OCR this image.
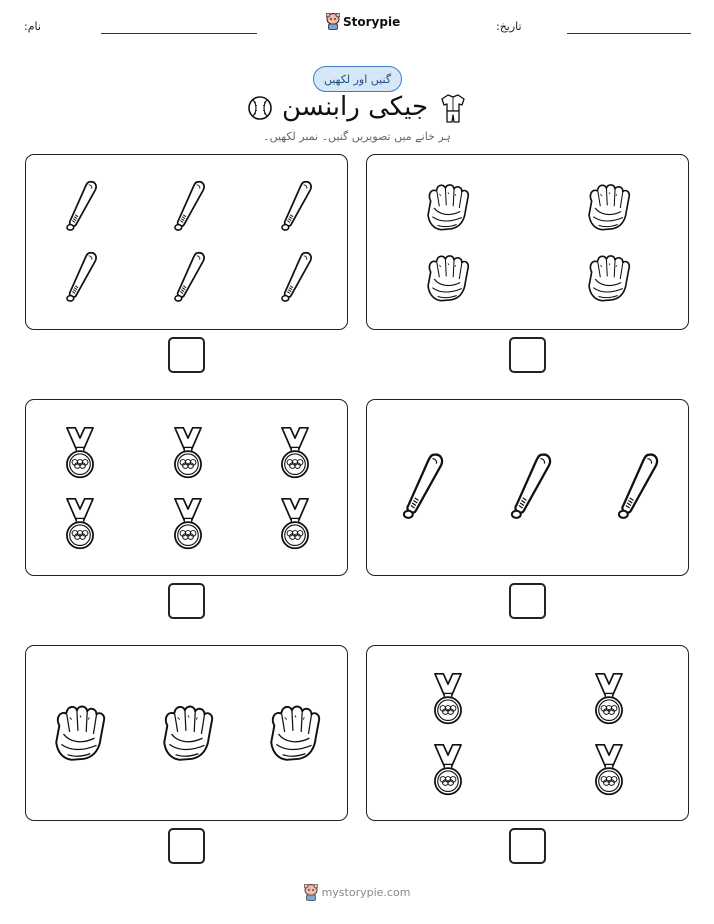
نام:	Storypie	تاریخ:
گنیں اور لکھیں
جیکی رابنسن
ہر خانے میں تصویریں گنیں۔ نمبر لکھیں۔
mystorypie.com
